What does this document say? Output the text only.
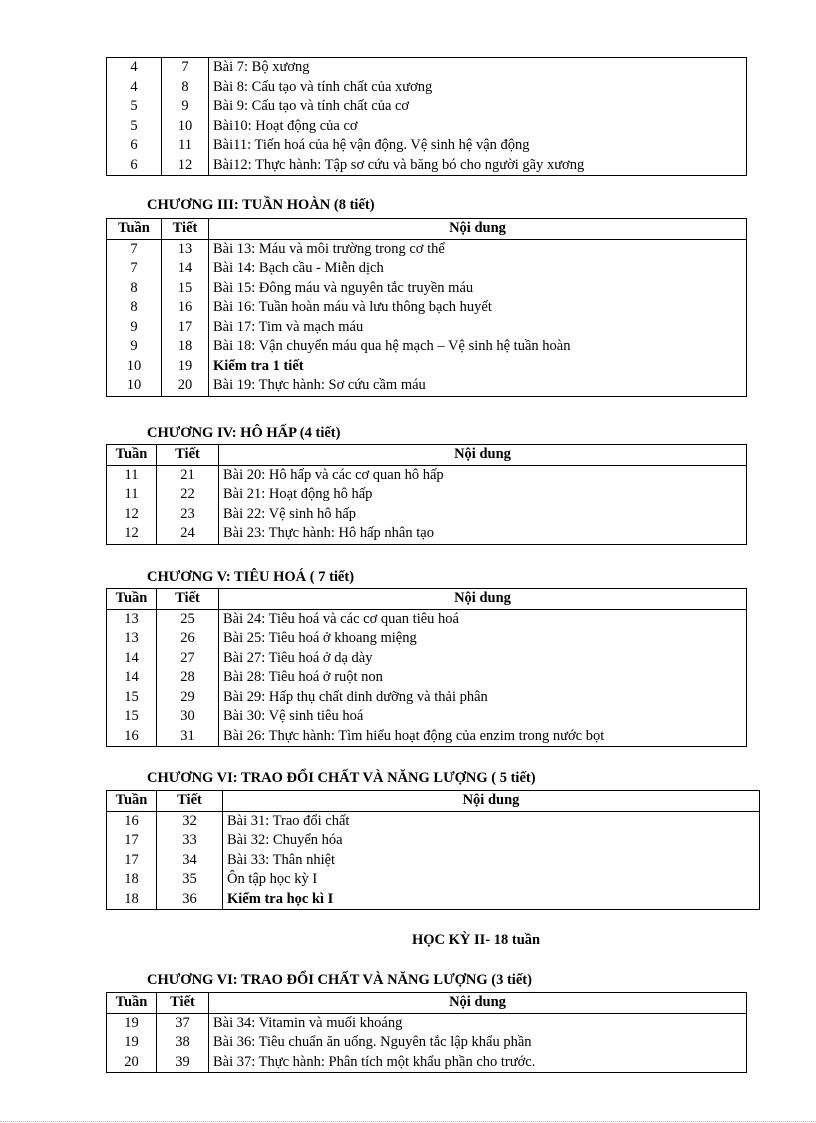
4	7	Bài 7: Bộ xương
4	8	Bài 8: Cấu tạo và tính chất của xương
5	9	Bài 9: Cấu tạo và tính chất của cơ
5	10	Bài10: Hoạt động của cơ
6	11	Bài11: Tiến hoá của hệ vận động. Vệ sinh hệ vận động
6	12	Bài12: Thực hành: Tập sơ cứu và băng bó cho người gãy xương
CHƯƠNG III: TUẦN HOÀN (8 tiết)
Tuần	Tiết	Nội dung
7	13	Bài 13: Máu và môi trường trong cơ thể
7	14	Bài 14: Bạch cầu - Miễn dịch
8	15	Bài 15: Đông máu và nguyên tắc truyền máu
8	16	Bài 16: Tuần hoàn máu và lưu thông bạch huyết
9	17	Bài 17: Tim và mạch máu
9	18	Bài 18: Vận chuyển máu qua hệ mạch – Vệ sinh hệ tuần hoàn
10	19	Kiểm tra 1 tiết
10	20	Bài 19: Thực hành: Sơ cứu cầm máu
CHƯƠNG IV: HÔ HẤP (4 tiết)
Tuần	Tiết	Nội dung
11	21	Bài 20: Hô hấp và các cơ quan hô hấp
11	22	Bài 21: Hoạt động hô hấp
12	23	Bài 22: Vệ sinh hô hấp
12	24	Bài 23: Thực hành: Hô hấp nhân tạo
CHƯƠNG V: TIÊU HOÁ ( 7 tiết)
Tuần	Tiết	Nội dung
13	25	Bài 24: Tiêu hoá và các cơ quan tiêu hoá
13	26	Bài 25: Tiêu hoá ở khoang miệng
14	27	Bài 27: Tiêu hoá ở dạ dày
14	28	Bài 28: Tiêu hoá ở ruột non
15	29	Bài 29: Hấp thụ chất dinh dưỡng và thải phân
15	30	Bài 30: Vệ sinh tiêu hoá
16	31	Bài 26: Thực hành: Tìm hiểu hoạt động của enzim trong nước bọt
CHƯƠNG VI: TRAO ĐỔI CHẤT VÀ NĂNG LƯỢNG ( 5 tiết)
Tuần	Tiết	Nội dung
16	32	Bài 31: Trao đổi chất
17	33	Bài 32: Chuyển hóa
17	34	Bài 33: Thân nhiệt
18	35	Ôn tập học kỳ I
18	36	Kiểm tra học kì I
HỌC KỲ II- 18 tuần
CHƯƠNG VI: TRAO ĐỔI CHẤT VÀ NĂNG LƯỢNG (3 tiết)
Tuần	Tiết	Nội dung
19	37	Bài 34: Vitamin và muối khoáng
19	38	Bài 36: Tiêu chuẩn ăn uống. Nguyên tắc lập khẩu phần
20	39	Bài 37: Thực hành: Phân tích một khẩu phần cho trước.
